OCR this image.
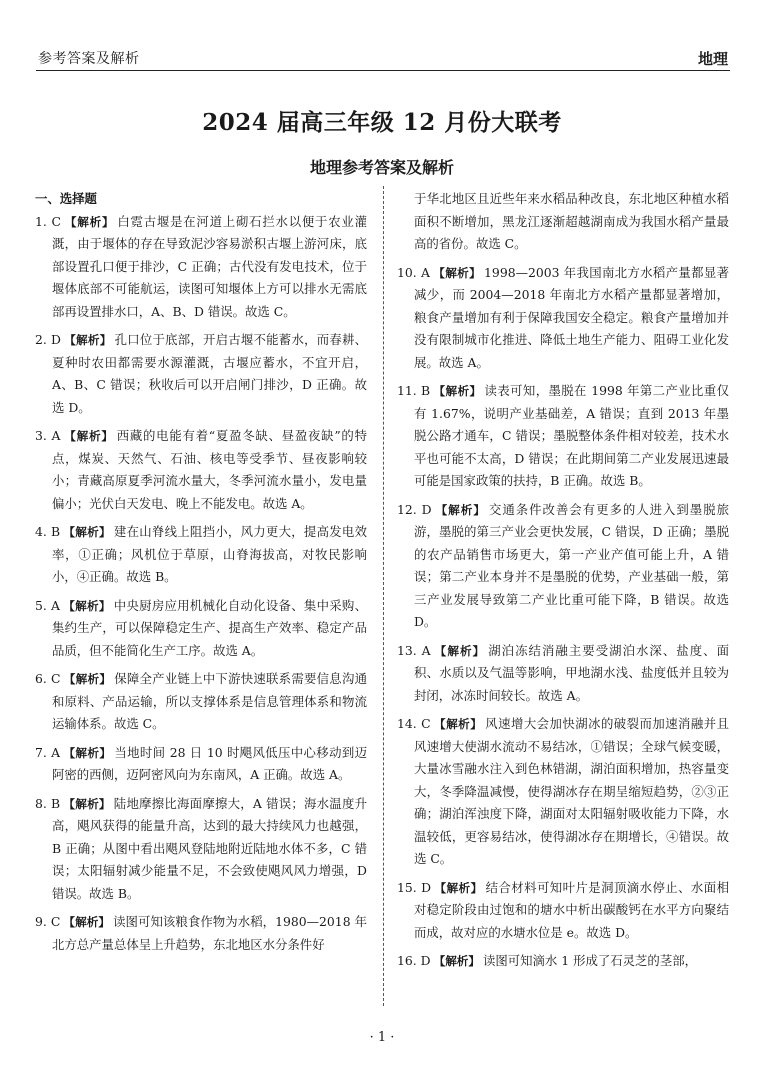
参考答案及解析	地理
2024 届高三年级 12 月份大联考
地理参考答案及解析
一、选择题

1. C 【解析】 白霓古堰是在河道上砌石拦水以便于农业灌溉，由于堰体的存在导致泥沙容易淤积古堰上游河床，底部设置孔口便于排沙，C 正确；古代没有发电技术，位于堰体底部不可能航运，读图可知堰体上方可以排水无需底部再设置排水口，A、B、D 错误。故选 C。

2. D 【解析】 孔口位于底部，开启古堰不能蓄水，而春耕、夏种时农田都需要水源灌溉，古堰应蓄水，不宜开启，A、B、C 错误；秋收后可以开启闸门排沙，D 正确。故选 D。

3. A 【解析】 西藏的电能有着“夏盈冬缺、昼盈夜缺”的特点，煤炭、天然气、石油、核电等受季节、昼夜影响较小；青藏高原夏季河流水量大，冬季河流水量小，发电量偏小；光伏白天发电、晚上不能发电。故选 A。

4. B 【解析】 建在山脊线上阻挡小，风力更大，提高发电效率，①正确；风机位于草原，山脊海拔高，对牧民影响小，④正确。故选 B。

5. A 【解析】 中央厨房应用机械化自动化设备、集中采购、集约生产，可以保障稳定生产、提高生产效率、稳定产品品质，但不能简化生产工序。故选 A。

6. C 【解析】 保障全产业链上中下游快速联系需要信息沟通和原料、产品运输，所以支撑体系是信息管理体系和物流运输体系。故选 C。

7. A 【解析】 当地时间 28 日 10 时飓风低压中心移动到迈阿密的西侧，迈阿密风向为东南风，A 正确。故选 A。

8. B 【解析】 陆地摩擦比海面摩擦大，A 错误；海水温度升高，飓风获得的能量升高，达到的最大持续风力也越强，B 正确；从图中看出飓风登陆地附近陆地水体不多，C 错误；太阳辐射减少能量不足，不会致使飓风风力增强，D 错误。故选 B。

9. C 【解析】 读图可知该粮食作物为水稻，1980—2018 年北方总产量总体呈上升趋势，东北地区水分条件好

于华北地区且近些年来水稻品种改良，东北地区种植水稻面积不断增加，黑龙江逐渐超越湖南成为我国水稻产量最高的省份。故选 C。

10. A 【解析】 1998—2003 年我国南北方水稻产量都显著减少，而 2004—2018 年南北方水稻产量都显著增加，粮食产量增加有利于保障我国安全稳定。粮食产量增加并没有限制城市化推进、降低土地生产能力、阻碍工业化发展。故选 A。

11. B 【解析】 读表可知，墨脱在 1998 年第二产业比重仅有 1.67%，说明产业基础差，A 错误；直到 2013 年墨脱公路才通车，C 错误；墨脱整体条件相对较差，技术水平也可能不太高，D 错误；在此期间第二产业发展迅速最可能是国家政策的扶持，B 正确。故选 B。

12. D 【解析】 交通条件改善会有更多的人进入到墨脱旅游，墨脱的第三产业会更快发展，C 错误，D 正确；墨脱的农产品销售市场更大，第一产业产值可能上升，A 错误；第二产业本身并不是墨脱的优势，产业基础一般，第三产业发展导致第二产业比重可能下降，B 错误。故选 D。

13. A 【解析】 湖泊冻结消融主要受湖泊水深、盐度、面积、水质以及气温等影响，甲地湖水浅、盐度低并且较为封闭，冰冻时间较长。故选 A。

14. C 【解析】 风速增大会加快湖冰的破裂而加速消融并且风速增大使湖水流动不易结冰，①错误；全球气候变暖，大量冰雪融水注入到色林错湖，湖泊面积增加，热容量变大，冬季降温减慢，使得湖冰存在期呈缩短趋势，②③正确；湖泊浑浊度下降，湖面对太阳辐射吸收能力下降，水温较低，更容易结冰，使得湖冰存在期增长，④错误。故选 C。

15. D 【解析】 结合材料可知叶片是洞顶滴水停止、水面相对稳定阶段由过饱和的塘水中析出碳酸钙在水平方向聚结而成，故对应的水塘水位是 e。故选 D。

16. D 【解析】 读图可知滴水 1 形成了石灵芝的茎部，

· 1 ·
